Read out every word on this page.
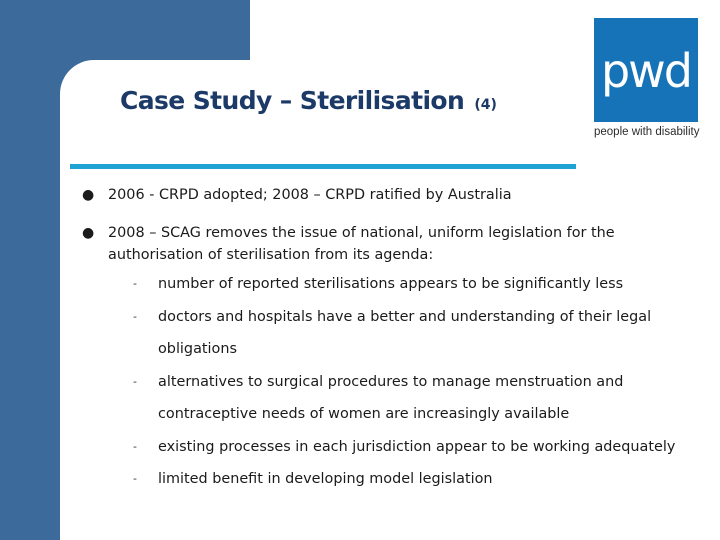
Case Study – Sterilisation (4)
pwd
people with disability
● 2006 - CRPD adopted; 2008 – CRPD ratified by Australia
● 2008 – SCAG removes the issue of national, uniform legislation for the authorisation of sterilisation from its agenda:
- number of reported sterilisations appears to be significantly less
- doctors and hospitals have a better and understanding of their legal obligations
- alternatives to surgical procedures to manage menstruation and contraceptive needs of women are increasingly available
- existing processes in each jurisdiction appear to be working adequately
- limited benefit in developing model legislation
